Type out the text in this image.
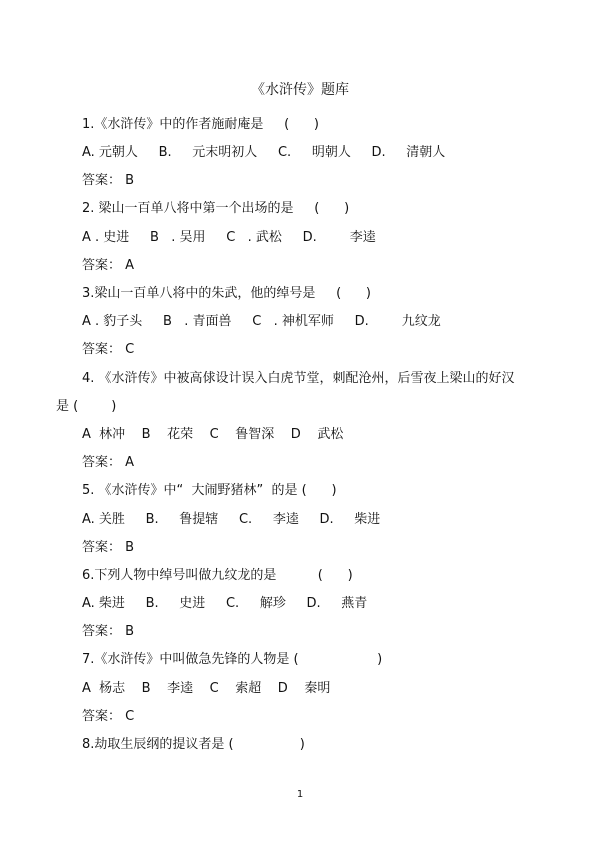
《水浒传》题库
1.《水浒传》中的作者施耐庵是     (      )
A. 元朝人     B.     元末明初人     C.     明朝人     D.     清朝人
答案： B
2. 梁山一百单八将中第一个出场的是     (      )
A . 史进     B   . 吴用     C   . 武松     D.        李逵
答案： A
3.梁山一百单八将中的朱武，他的绰号是     (      )
A . 豹子头     B   . 青面兽     C   . 神机军师     D.        九纹龙
答案： C
4. 《水浒传》中被高俅设计误入白虎节堂，刺配沧州，后雪夜上梁山的好汉
是 (        )
A  林冲    B    花荣    C    鲁智深    D    武松
答案： A
5. 《水浒传》中“  大闹野猪林”  的是 (      )
A. 关胜     B.     鲁提辖     C.     李逵     D.     柴进
答案： B
6.下列人物中绰号叫做九纹龙的是          (      )
A. 柴进     B.     史进     C.     解珍     D.     燕青
答案： B
7.《水浒传》中叫做急先锋的人物是 (                   )
A  杨志    B    李逵    C    索超    D    秦明
答案： C
8.劫取生辰纲的提议者是 (                )
1
